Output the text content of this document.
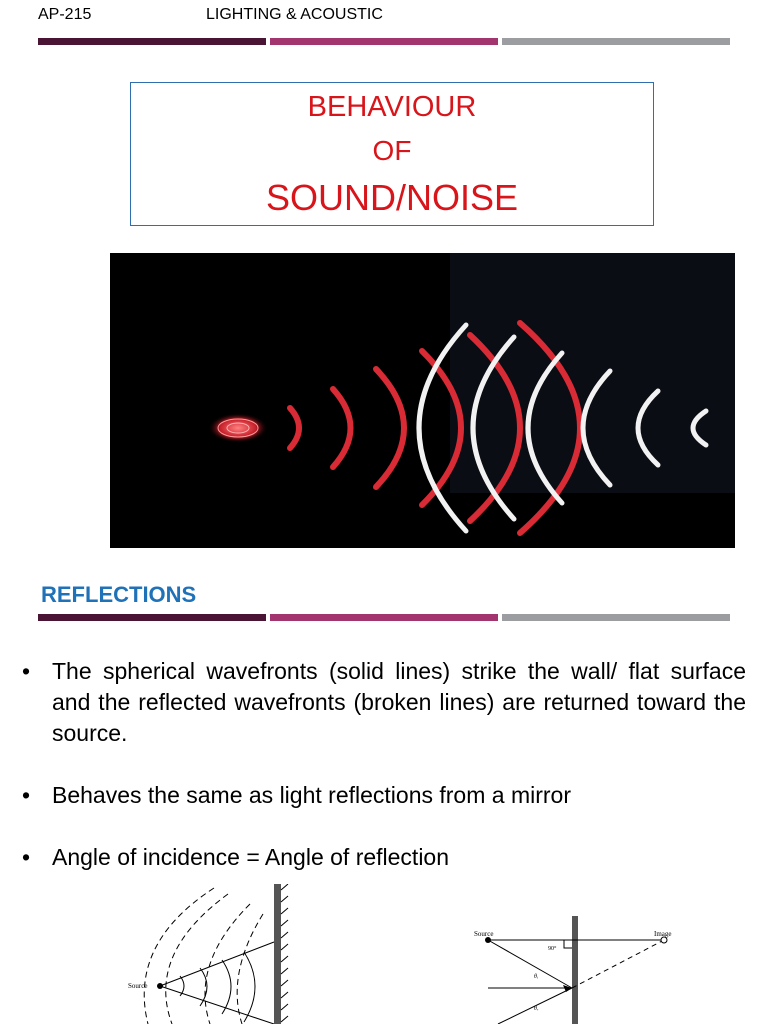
AP-215	LIGHTING & ACOUSTIC
BEHAVIOUR
OF
SOUND/NOISE
REFLECTIONS
• The spherical wavefronts (solid lines) strike the wall/ flat surface and the reflected wavefronts (broken lines) are returned toward the source.
• Behaves the same as light reflections from a mirror
• Angle of incidence = Angle of reflection
Source
Source	Image
90°
θᵢ
θᵣ
